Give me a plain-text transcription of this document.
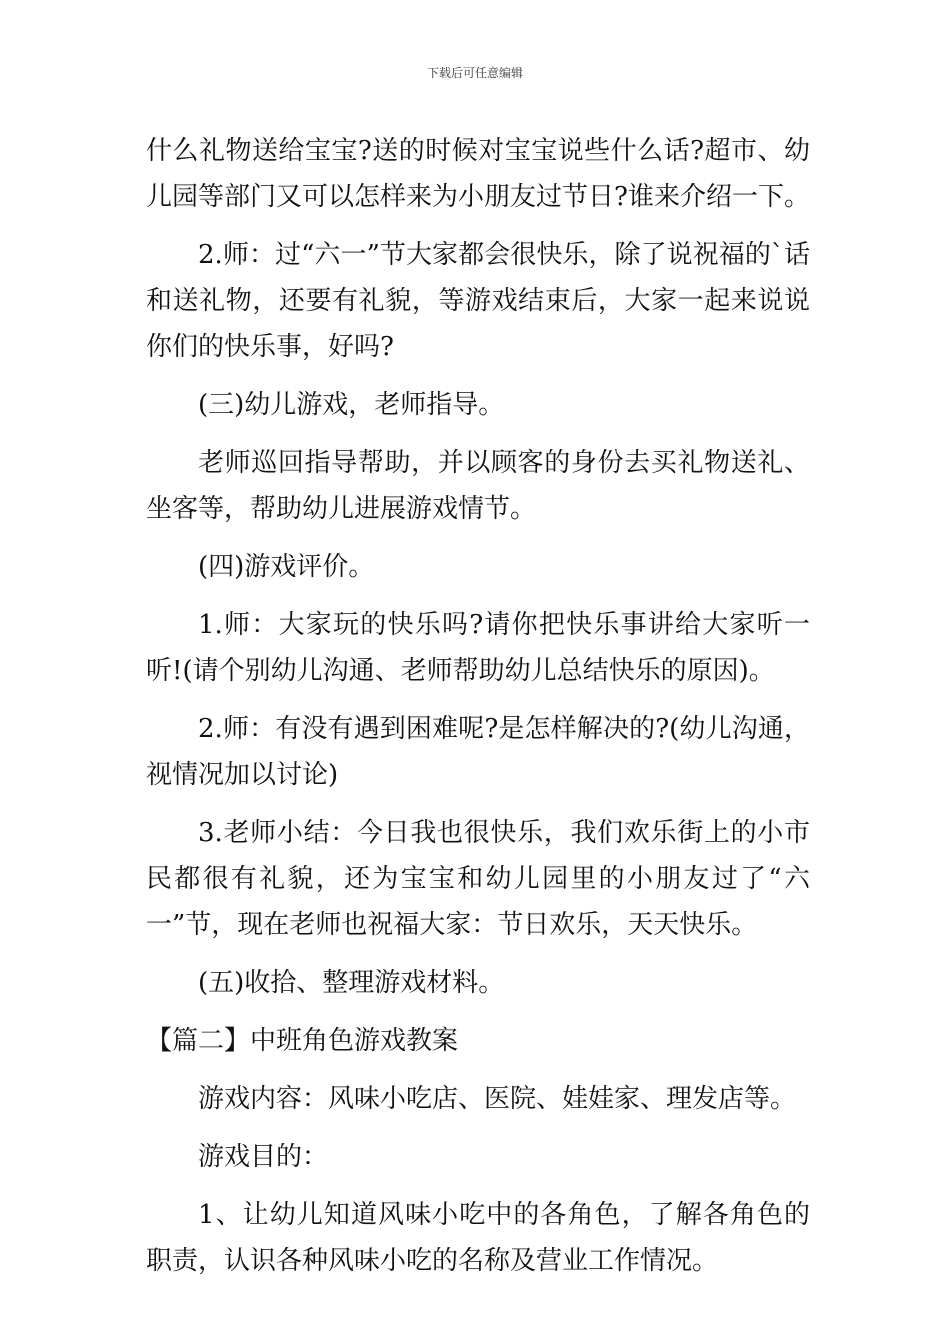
下载后可任意编辑

什么礼物送给宝宝?送的时候对宝宝说些什么话?超市、幼儿园等部门又可以怎样来为小朋友过节日?谁来介绍一下。

2.师：过“六一”节大家都会很快乐，除了说祝福的`话和送礼物，还要有礼貌，等游戏结束后，大家一起来说说你们的快乐事，好吗?

(三)幼儿游戏，老师指导。

老师巡回指导帮助，并以顾客的身份去买礼物送礼、坐客等，帮助幼儿进展游戏情节。

(四)游戏评价。

1.师：大家玩的快乐吗?请你把快乐事讲给大家听一听!(请个别幼儿沟通、老师帮助幼儿总结快乐的原因)。

2.师：有没有遇到困难呢?是怎样解决的?(幼儿沟通，视情况加以讨论)

3.老师小结：今日我也很快乐，我们欢乐街上的小市民都很有礼貌，还为宝宝和幼儿园里的小朋友过了“六一”节，现在老师也祝福大家：节日欢乐，天天快乐。

(五)收拾、整理游戏材料。

【篇二】中班角色游戏教案

游戏内容：风味小吃店、医院、娃娃家、理发店等。

游戏目的：

1、让幼儿知道风味小吃中的各角色，了解各角色的职责，认识各种风味小吃的名称及营业工作情况。
